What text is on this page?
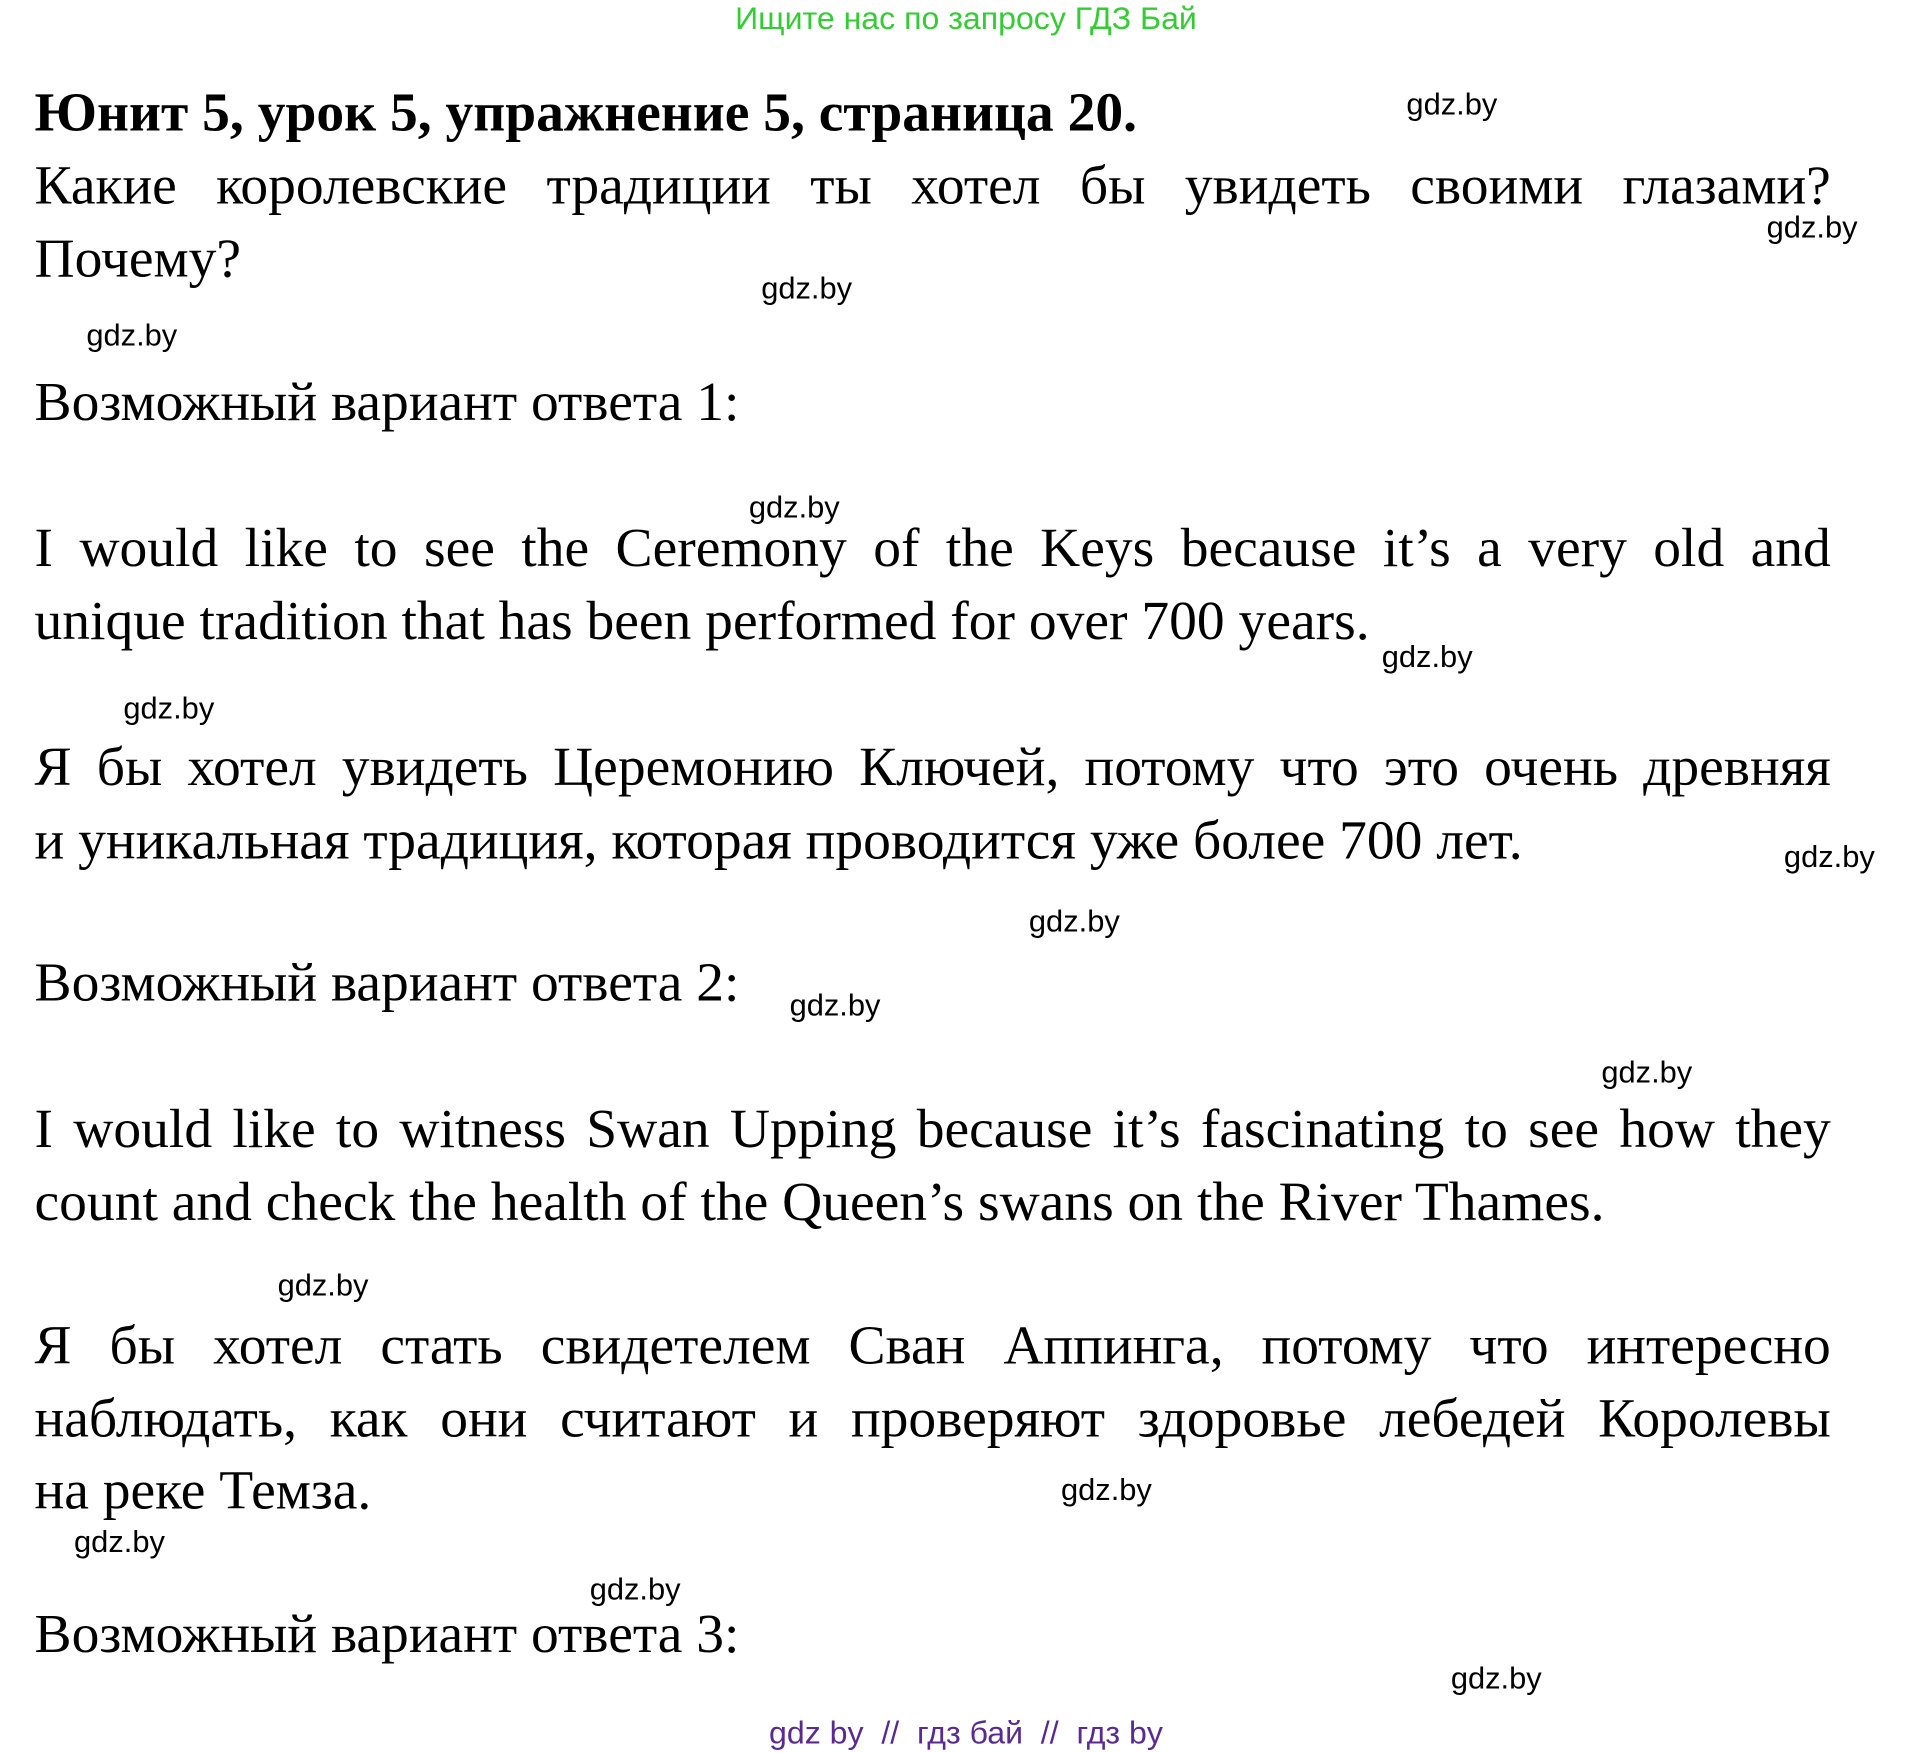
Ищите нас по запросу ГДЗ Бай
Юнит 5, урок 5, упражнение 5, страница 20.
Какие королевские традиции ты хотел бы увидеть своими глазами?
Почему?
Возможный вариант ответа 1:
I would like to see the Ceremony of the Keys because it’s a very old and
unique tradition that has been performed for over 700 years.
Я бы хотел увидеть Церемонию Ключей, потому что это очень древняя
и уникальная традиция, которая проводится уже более 700 лет.
Возможный вариант ответа 2:
I would like to witness Swan Upping because it’s fascinating to see how they
count and check the health of the Queen’s swans on the River Thames.
Я бы хотел стать свидетелем Сван Аппинга, потому что интересно
наблюдать, как они считают и проверяют здоровье лебедей Королевы
на реке Темза.
Возможный вариант ответа 3:
gdz.by
gdz.by
gdz.by
gdz.by
gdz.by
gdz.by
gdz.by
gdz.by
gdz.by
gdz.by
gdz.by
gdz.by
gdz.by
gdz.by
gdz.by
gdz.by
gdz by  //  гдз бай  //  гдз by
